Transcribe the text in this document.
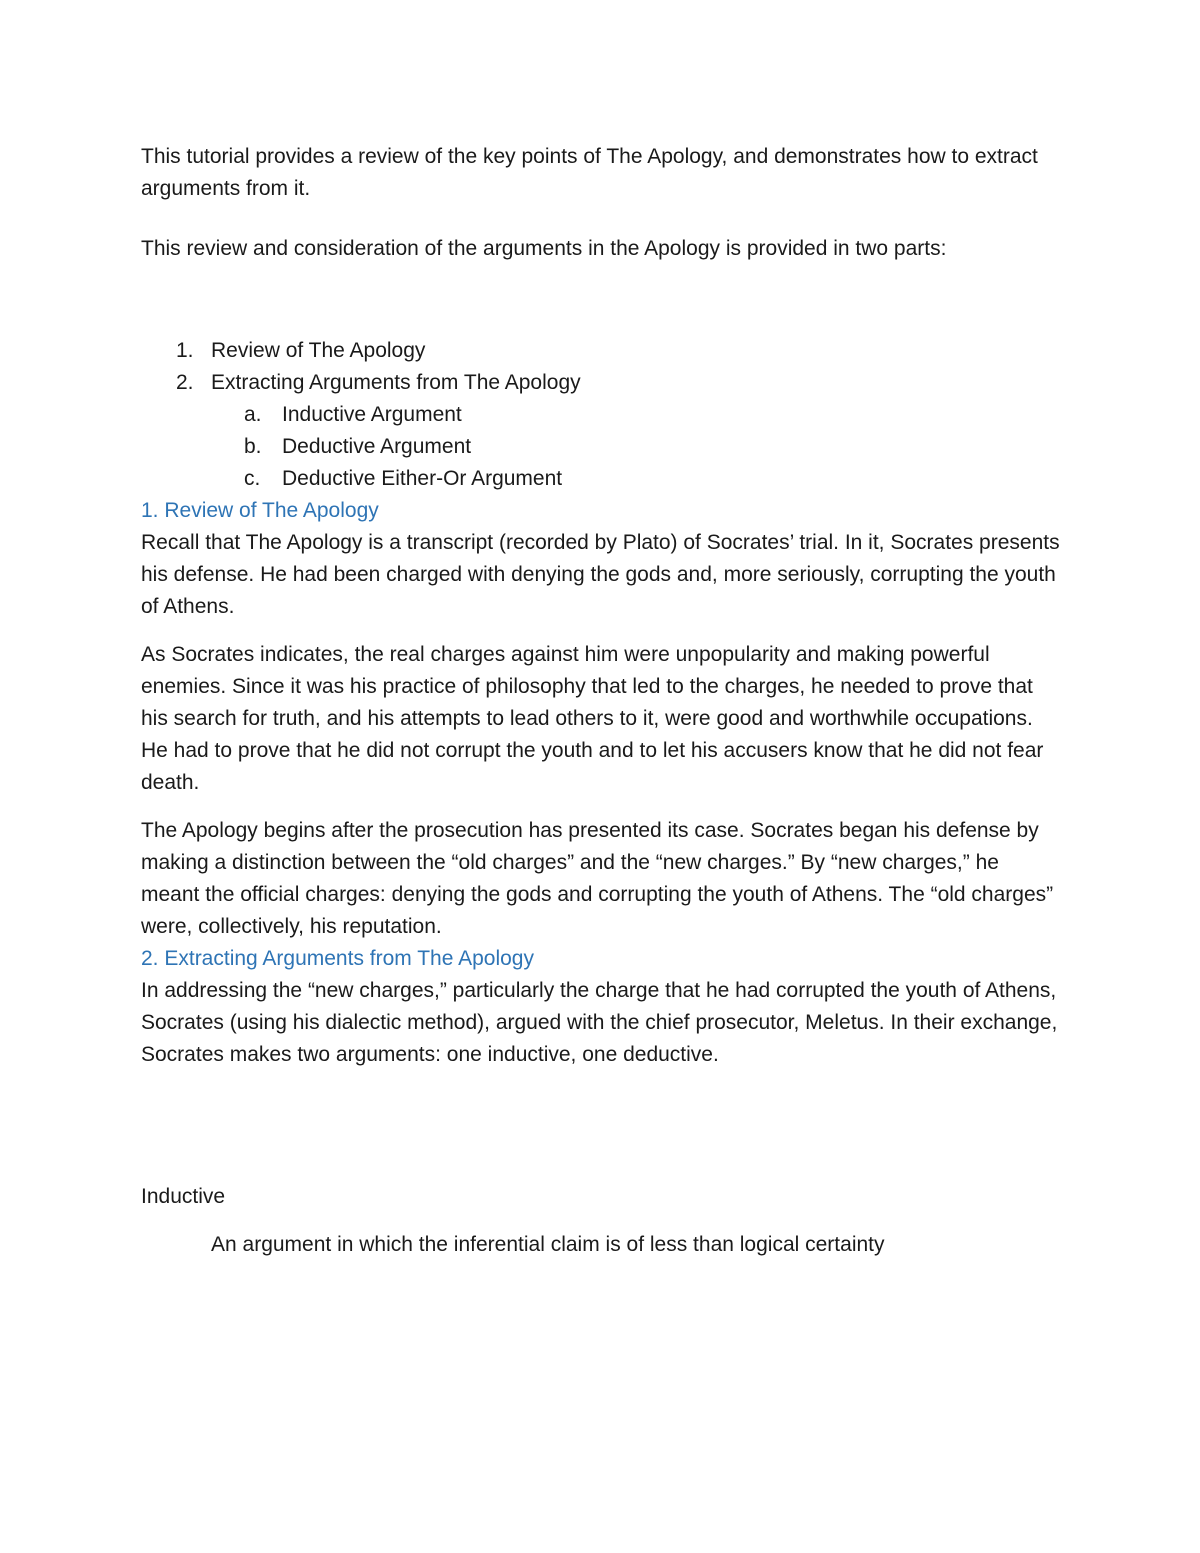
This tutorial provides a review of the key points of The Apology, and demonstrates how to extract arguments from it.

This review and consideration of the arguments in the Apology is provided in two parts:

1. Review of The Apology
2. Extracting Arguments from The Apology
a. Inductive Argument
b. Deductive Argument
c.	Deductive Either-Or Argument
1. Review of The Apology

Recall that The Apology is a transcript (recorded by Plato) of Socrates’ trial. In it, Socrates presents his defense. He had been charged with denying the gods and, more seriously, corrupting the youth of Athens.

As Socrates indicates, the real charges against him were unpopularity and making powerful enemies. Since it was his practice of philosophy that led to the charges, he needed to prove that his search for truth, and his attempts to lead others to it, were good and worthwhile occupations. He had to prove that he did not corrupt the youth and to let his accusers know that he did not fear death.

The Apology begins after the prosecution has presented its case. Socrates began his defense by making a distinction between the “old charges” and the “new charges.” By “new charges,” he meant the official charges: denying the gods and corrupting the youth of Athens. The “old charges” were, collectively, his reputation.

2. Extracting Arguments from The Apology

In addressing the “new charges,” particularly the charge that he had corrupted the youth of Athens, Socrates (using his dialectic method), argued with the chief prosecutor, Meletus. In their exchange, Socrates makes two arguments: one inductive, one deductive.

Inductive

An argument in which the inferential claim is of less than logical certainty
